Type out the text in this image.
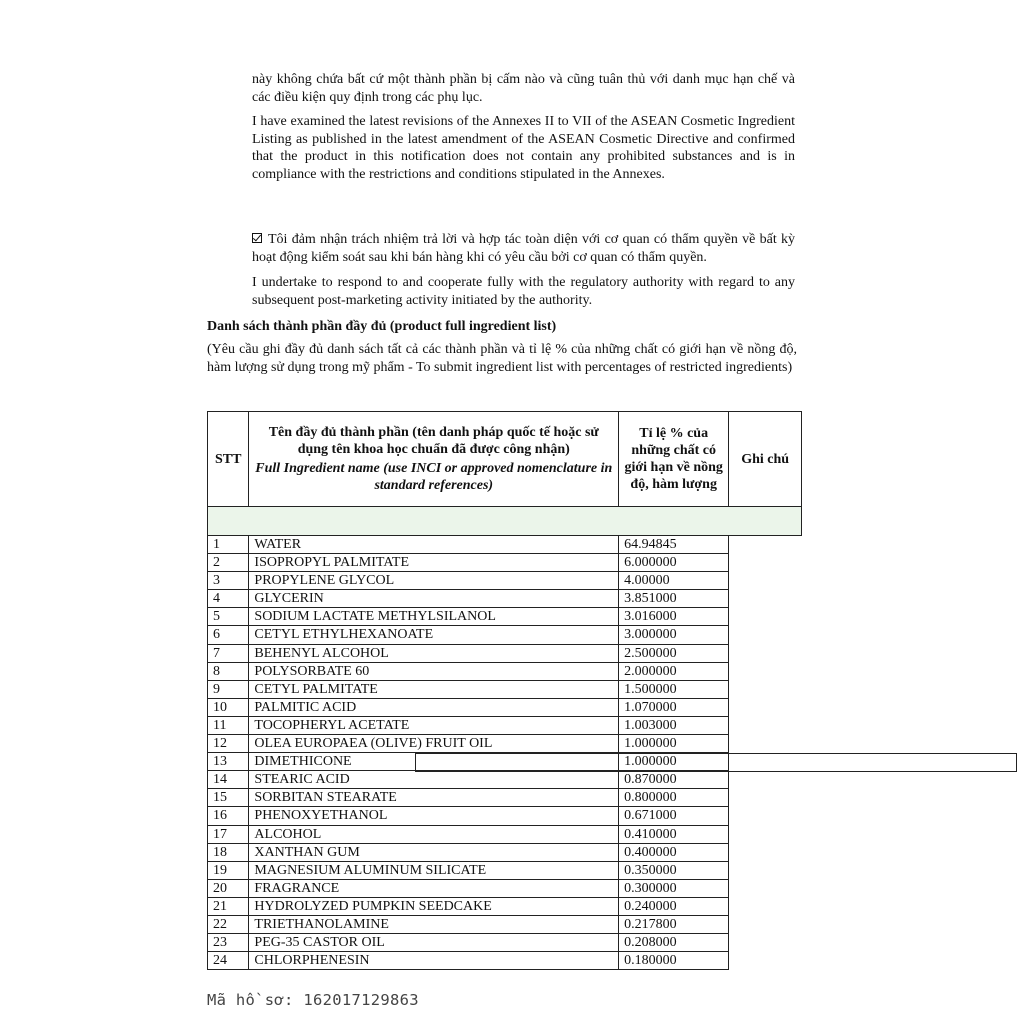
này không chứa bất cứ một thành phần bị cấm nào và cũng tuân thủ với danh mục hạn chế và các điều kiện quy định trong các phụ lục.

I have examined the latest revisions of the Annexes II to VII of the ASEAN Cosmetic Ingredient Listing as published in the latest amendment of the ASEAN Cosmetic Directive and confirmed that the product in this notification does not contain any prohibited substances and is in compliance with the restrictions and conditions stipulated in the Annexes.

Tôi đảm nhận trách nhiệm trả lời và hợp tác toàn diện với cơ quan có thẩm quyền về bất kỳ hoạt động kiểm soát sau khi bán hàng khi có yêu cầu bởi cơ quan có thẩm quyền.

I undertake to respond to and cooperate fully with the regulatory authority with regard to any subsequent post-marketing activity initiated by the authority.

Danh sách thành phần đầy đủ (product full ingredient list)

(Yêu cầu ghi đầy đủ danh sách tất cả các thành phần và tỉ lệ % của những chất có giới hạn về nồng độ, hàm lượng sử dụng trong mỹ phẩm - To submit ingredient list with percentages of restricted ingredients)

STT	Tên đầy đủ thành phần (tên danh pháp quốc tế hoặc sử dụng tên khoa học chuẩn đã được công nhận)
Full Ingredient name (use INCI or approved nomenclature in standard references)	Tỉ lệ % của những chất có giới hạn về nồng độ, hàm lượng	Ghi chú

1	WATER	64.94845	

2	ISOPROPYL PALMITATE	6.000000	

3	PROPYLENE GLYCOL	4.00000	

4	GLYCERIN	3.851000	

5	SODIUM LACTATE METHYLSILANOL	3.016000	

6	CETYL ETHYLHEXANOATE	3.000000	

7	BEHENYL ALCOHOL	2.500000	

8	POLYSORBATE 60	2.000000	

9	CETYL PALMITATE	1.500000	

10	PALMITIC ACID	1.070000	

11	TOCOPHERYL ACETATE	1.003000	

12	OLEA EUROPAEA (OLIVE) FRUIT OIL	1.000000	

13	DIMETHICONE	1.000000	

14	STEARIC ACID	0.870000	

15	SORBITAN STEARATE	0.800000	

16	PHENOXYETHANOL	0.671000	

17	ALCOHOL	0.410000	

18	XANTHAN GUM	0.400000	

19	MAGNESIUM ALUMINUM SILICATE	0.350000	

20	FRAGRANCE	0.300000	

21	HYDROLYZED PUMPKIN SEEDCAKE	0.240000	

22	TRIETHANOLAMINE	0.217800	

23	PEG-35 CASTOR OIL	0.208000	

24	CHLORPHENESIN	0.180000	
Mã hồ sơ: 162017129863
